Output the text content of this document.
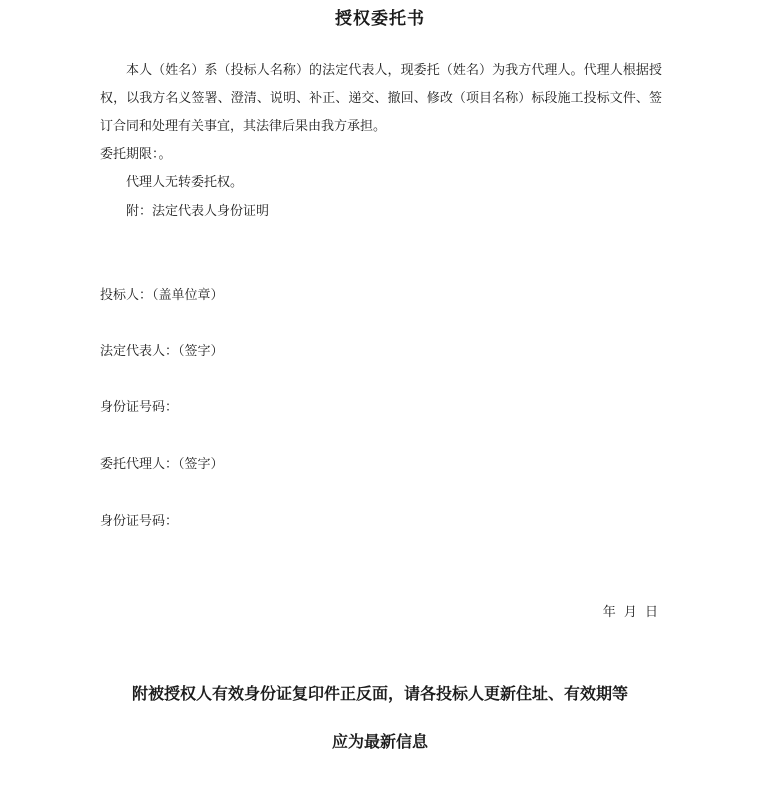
授权委托书
本人（姓名）系（投标人名称）的法定代表人，现委托（姓名）为我方代理人。代理人根据授权，以我方名义签署、澄清、说明、补正、递交、撤回、修改（项目名称）标段施工投标文件、签订合同和处理有关事宜，其法律后果由我方承担。
委托期限：。
代理人无转委托权。
附：法定代表人身份证明
投标人：（盖单位章）
法定代表人：（签字）
身份证号码：
委托代理人：（签字）
身份证号码：
年 月 日
附被授权人有效身份证复印件正反面，请各投标人更新住址、有效期等
应为最新信息
